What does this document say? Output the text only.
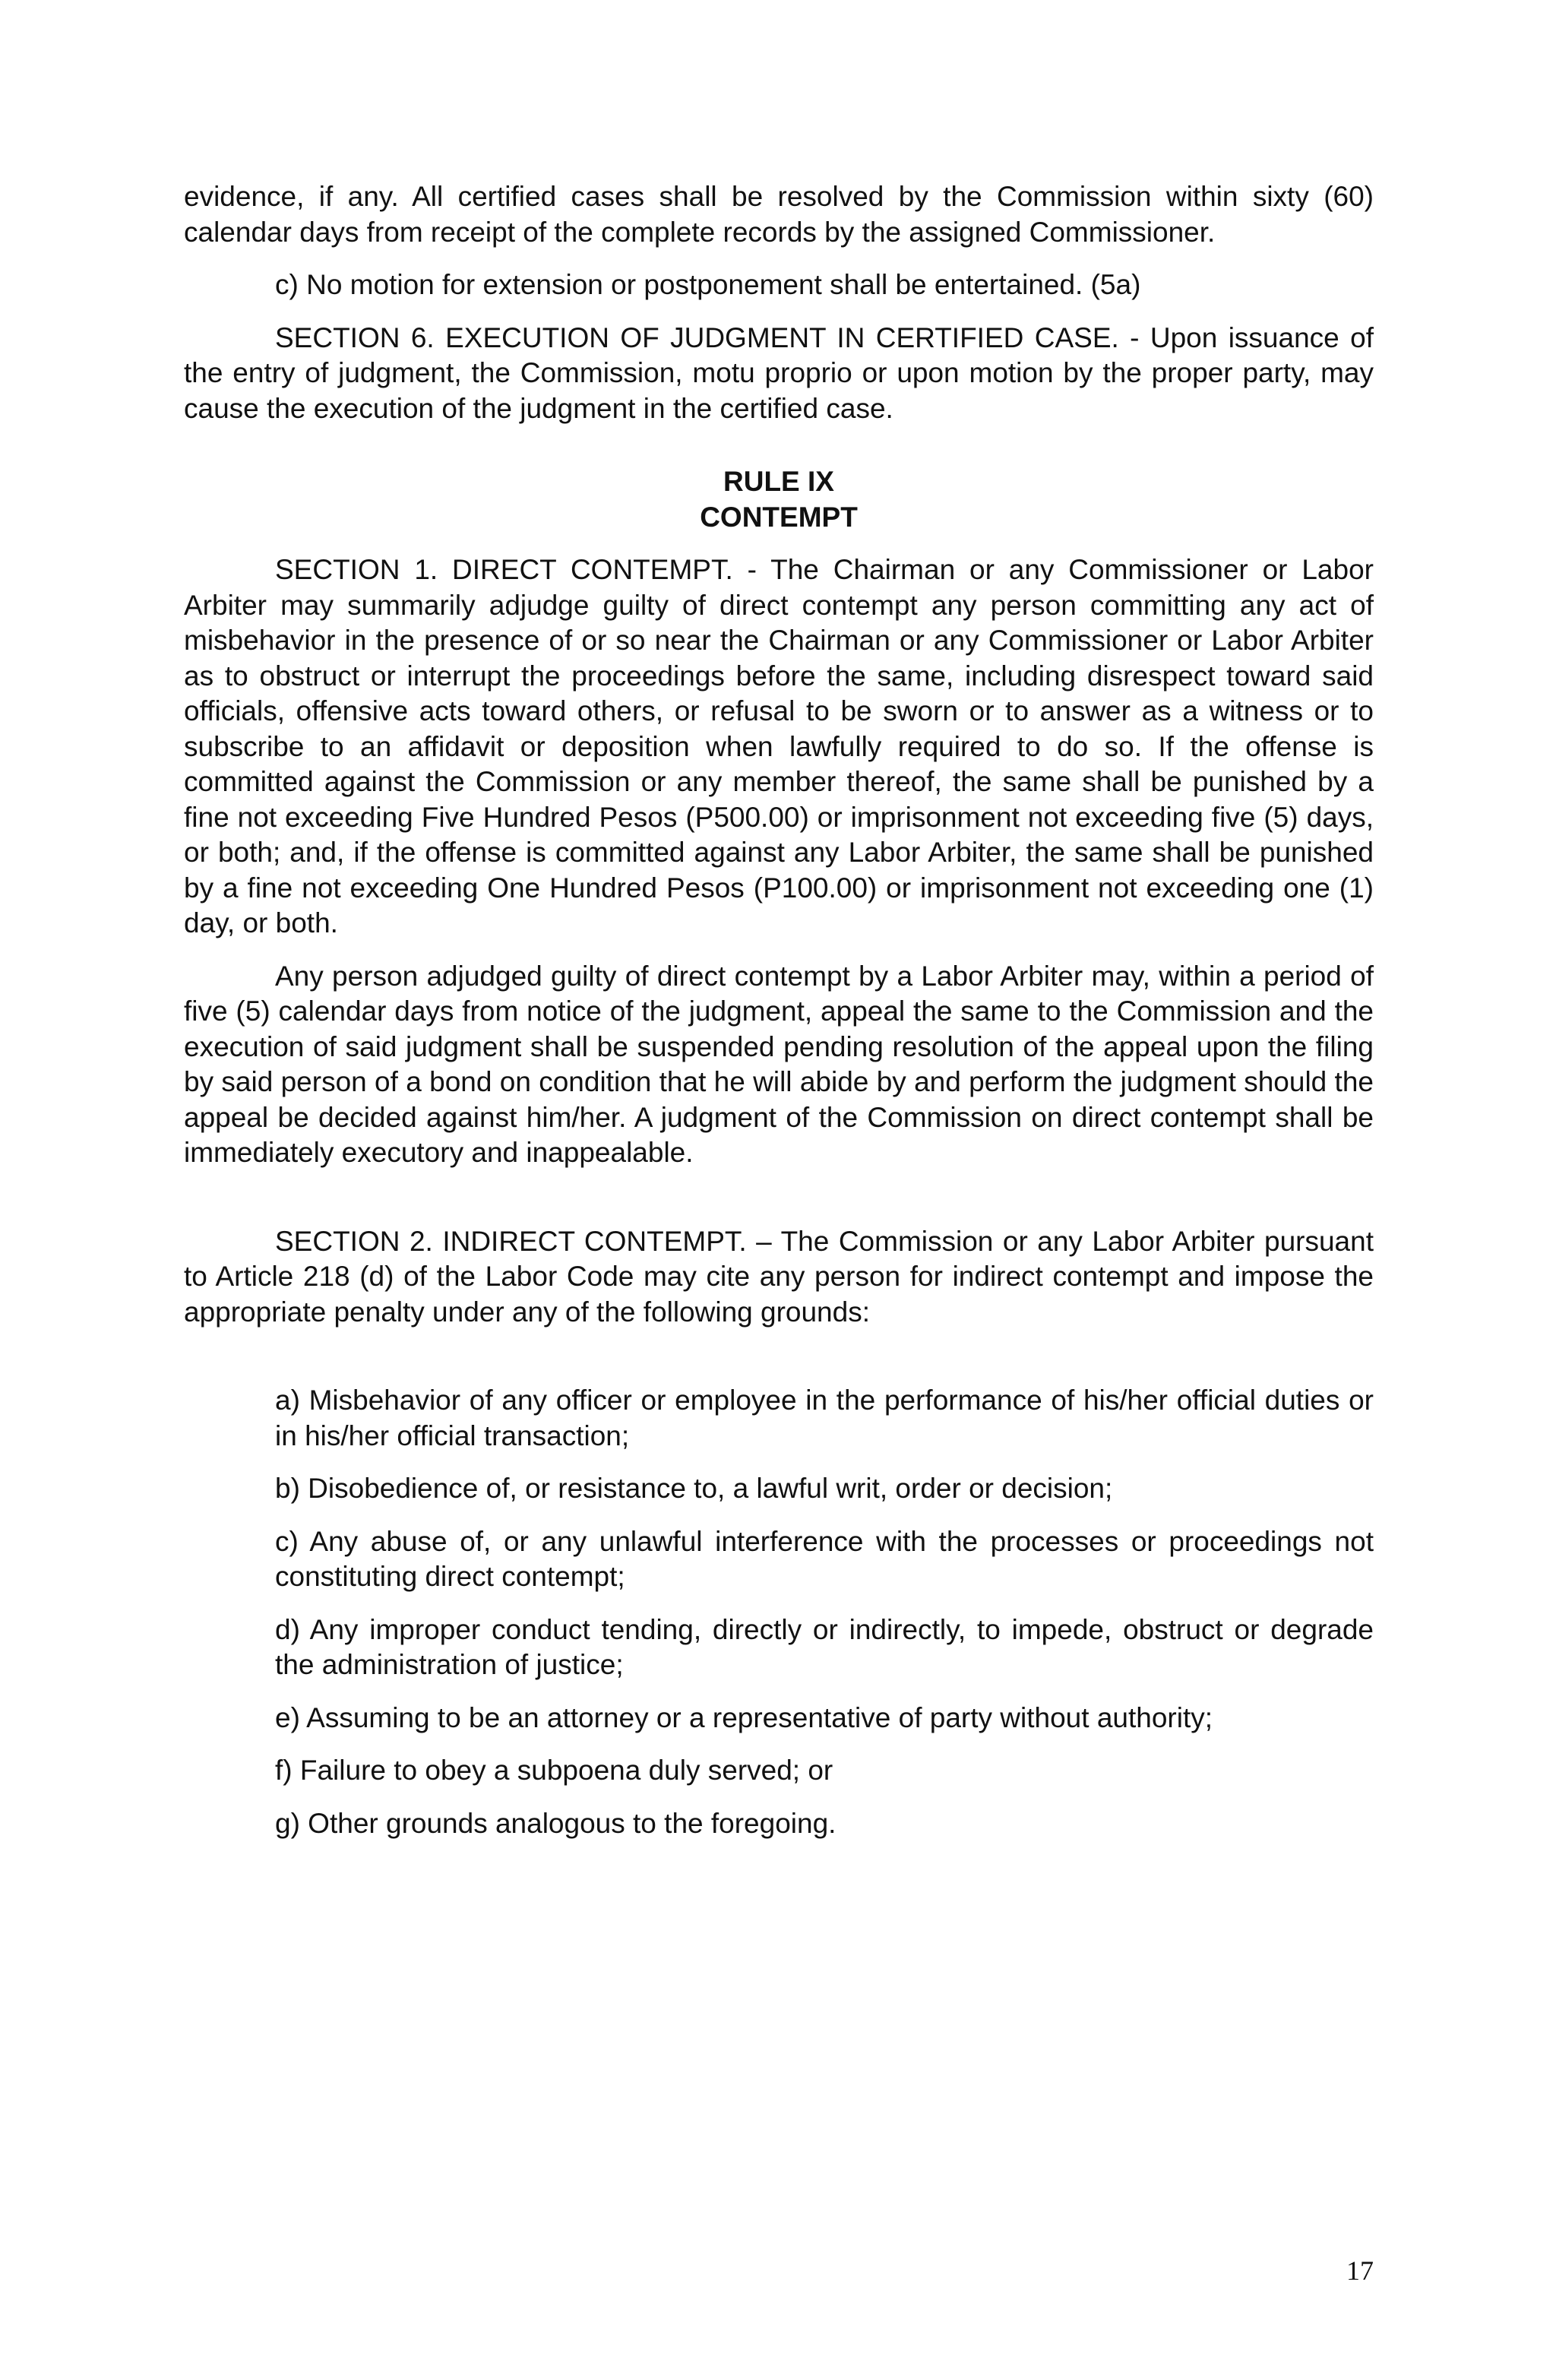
evidence, if any. All certified cases shall be resolved by the Commission within sixty (60) calendar days from receipt of the complete records by the assigned Commissioner.

c) No motion for extension or postponement shall be entertained. (5a)

SECTION 6. EXECUTION OF JUDGMENT IN CERTIFIED CASE. - Upon issuance of the entry of judgment, the Commission, motu proprio or upon motion by the proper party, may cause the execution of the judgment in the certified case.

RULE IX

CONTEMPT

SECTION 1. DIRECT CONTEMPT. - The Chairman or any Commissioner or Labor Arbiter may summarily adjudge guilty of direct contempt any person committing any act of misbehavior in the presence of or so near the Chairman or any Commissioner or Labor Arbiter as to obstruct or interrupt the proceedings before the same, including disrespect toward said officials, offensive acts toward others, or refusal to be sworn or to answer as a witness or to subscribe to an affidavit or deposition when lawfully required to do so. If the offense is committed against the Commission or any member thereof, the same shall be punished by a fine not exceeding Five Hundred Pesos (P500.00) or imprisonment not exceeding five (5) days, or both; and, if the offense is committed against any Labor Arbiter, the same shall be punished by a fine not exceeding One Hundred Pesos (P100.00) or imprisonment not exceeding one (1) day, or both.

Any person adjudged guilty of direct contempt by a Labor Arbiter may, within a period of five (5) calendar days from notice of the judgment, appeal the same to the Commission and the execution of said judgment shall be suspended pending resolution of the appeal upon the filing by said person of a bond on condition that he will abide by and perform the judgment should the appeal be decided against him/her. A judgment of the Commission on direct contempt shall be immediately executory and inappealable.

SECTION 2. INDIRECT CONTEMPT. – The Commission or any Labor Arbiter pursuant to Article 218 (d) of the Labor Code may cite any person for indirect contempt and impose the appropriate penalty under any of the following grounds:

a) Misbehavior of any officer or employee in the performance of his/her official duties or in his/her official transaction;

b) Disobedience of, or resistance to, a lawful writ, order or decision;

c) Any abuse of, or any unlawful interference with the processes or proceedings not constituting direct contempt;

d) Any improper conduct tending, directly or indirectly, to impede, obstruct or degrade the administration of justice;

e) Assuming to be an attorney or a representative of party without authority;

f) Failure to obey a subpoena duly served; or

g) Other grounds analogous to the foregoing.

17
